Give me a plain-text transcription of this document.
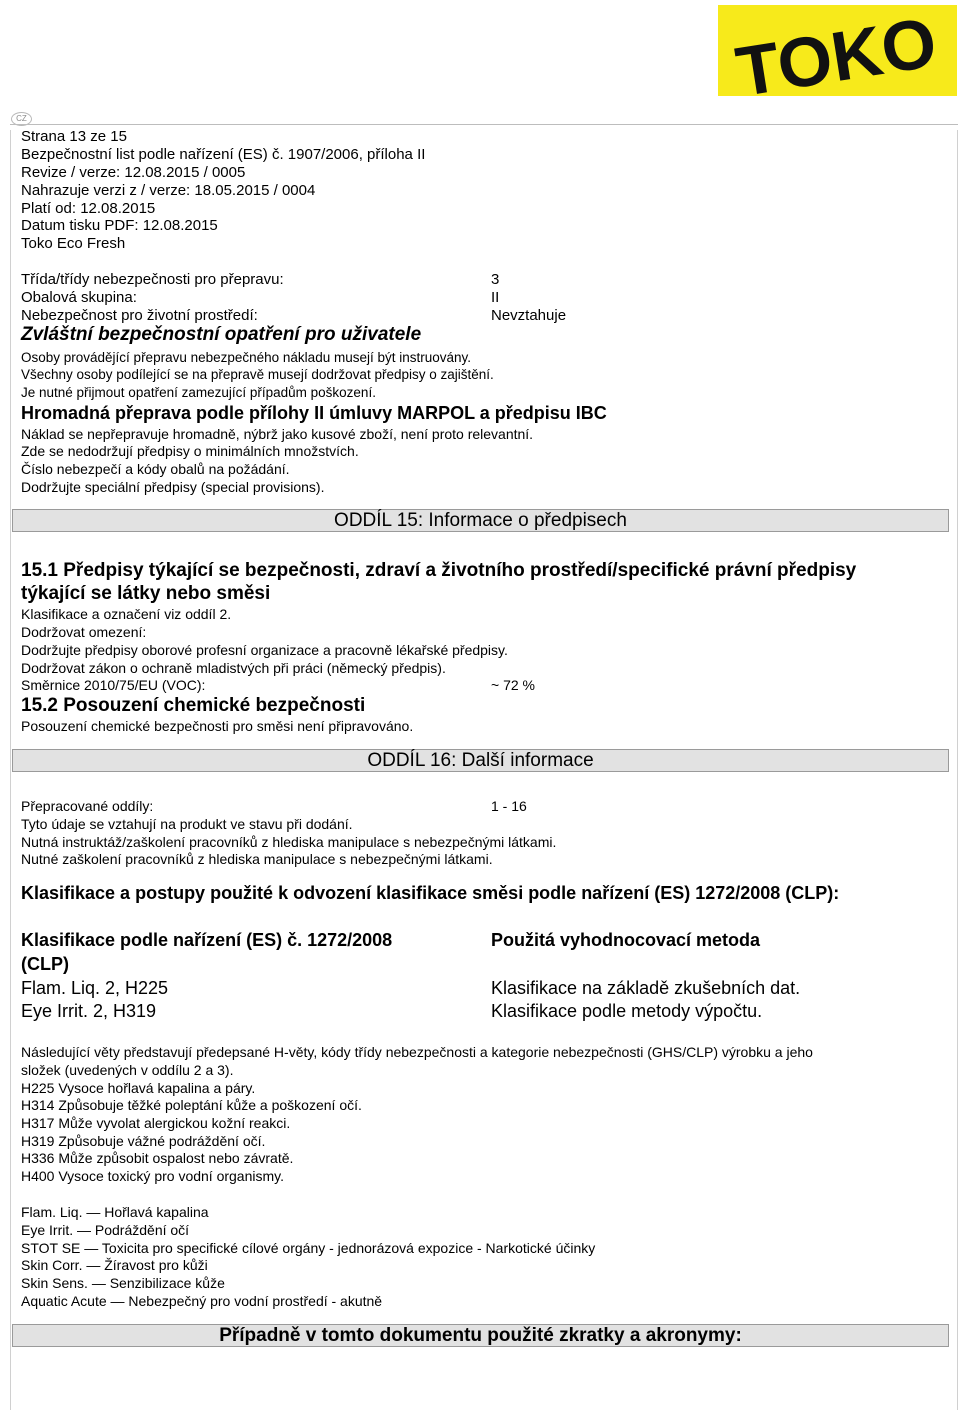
TOKO
CZ
Strana 13 ze 15
Bezpečnostní list podle nařízení (ES) č. 1907/2006, příloha II
Revize / verze: 12.08.2015 / 0005
Nahrazuje verzi z / verze: 18.05.2015 / 0004
Platí od: 12.08.2015
Datum tisku PDF: 12.08.2015
Toko Eco Fresh
Třída/třídy nebezpečnosti pro přepravu:	3
Obalová skupina:	II
Nebezpečnost pro životní prostředí:	Nevztahuje
Zvláštní bezpečnostní opatření pro uživatele
Osoby provádějící přepravu nebezpečného nákladu musejí být instruovány.
Všechny osoby podílející se na přepravě musejí dodržovat předpisy o zajištění.
Je nutné přijmout opatření zamezující případům poškození.
Hromadná přeprava podle přílohy II úmluvy MARPOL a předpisu IBC
Náklad se nepřepravuje hromadně, nýbrž jako kusové zboží, není proto relevantní.
Zde se nedodržují předpisy o minimálních množstvích.
Číslo nebezpečí a kódy obalů na požádání.
Dodržujte speciální předpisy (special provisions).
ODDÍL 15: Informace o předpisech
15.1 Předpisy týkající se bezpečnosti, zdraví a životního prostředí/specifické právní předpisy
týkající se látky nebo směsi
Klasifikace a označení viz oddíl 2.
Dodržovat omezení:
Dodržujte předpisy oborové profesní organizace a pracovně lékařské předpisy.
Dodržovat zákon o ochraně mladistvých při práci (německý předpis).
Směrnice 2010/75/EU (VOC):	~ 72 %
15.2 Posouzení chemické bezpečnosti
Posouzení chemické bezpečnosti pro směsi není připravováno.
ODDÍL 16: Další informace
Přepracované oddíly:	1 - 16
Tyto údaje se vztahují na produkt ve stavu při dodání.
Nutná instruktáž/zaškolení pracovníků z hlediska manipulace s nebezpečnými látkami.
Nutné zaškolení pracovníků z hlediska manipulace s nebezpečnými látkami.
Klasifikace a postupy použité k odvození klasifikace směsi podle nařízení (ES) 1272/2008 (CLP):
Klasifikace podle nařízení (ES) č. 1272/2008
(CLP)
Použitá vyhodnocovací metoda
Flam. Liq. 2, H225	Klasifikace na základě zkušebních dat.
Eye Irrit. 2, H319	Klasifikace podle metody výpočtu.
Následující věty představují předepsané H-věty, kódy třídy nebezpečnosti a kategorie nebezpečnosti (GHS/CLP) výrobku a jeho
složek (uvedených v oddílu 2 a 3).
H225 Vysoce hořlavá kapalina a páry.
H314 Způsobuje těžké poleptání kůže a poškození očí.
H317 Může vyvolat alergickou kožní reakci.
H319 Způsobuje vážné podráždění očí.
H336 Může způsobit ospalost nebo závratě.
H400 Vysoce toxický pro vodní organismy.
Flam. Liq. — Hořlavá kapalina
Eye Irrit. — Podráždění očí
STOT SE — Toxicita pro specifické cílové orgány - jednorázová expozice - Narkotické účinky
Skin Corr. — Žíravost pro kůži
Skin Sens. — Senzibilizace kůže
Aquatic Acute — Nebezpečný pro vodní prostředí - akutně
Případně v tomto dokumentu použité zkratky a akronymy:
